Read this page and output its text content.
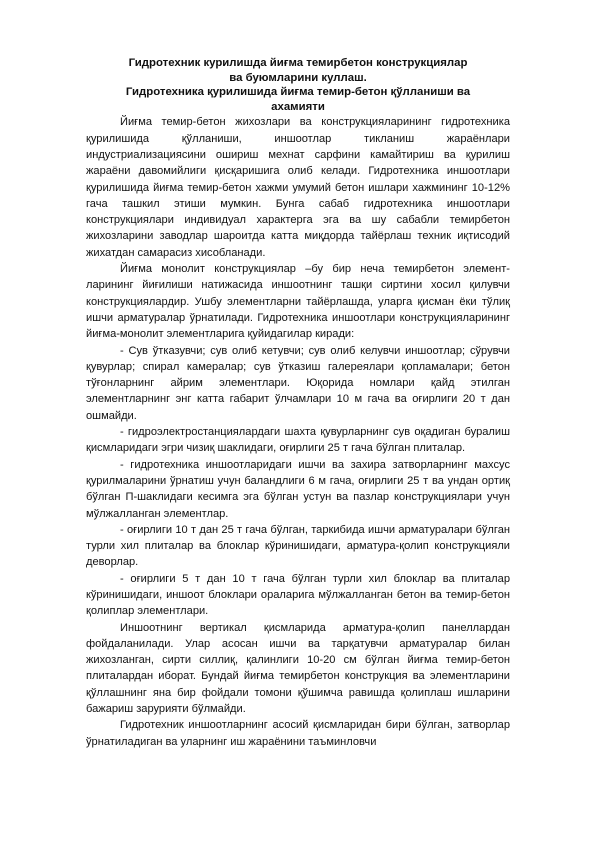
Гидротехник курилишда йиғма темирбетон конструкциялар

ва буюмларини куллаш.

Гидротехника қурилишида йиғма темир-бетон қўлланиши ва

ахамияти

Йиғма темир-бетон жихозлари ва конструкцияларининг гидротехника қурилишида қўлланиши, иншоотлар тикланиш жараёнлари индустриализациясини ошириш мехнат сарфини камайтириш ва қурилиш жараёни давомийлиги қисқаришига олиб келади. Гидротехника иншоотлари қурилишида йиғма темир-бетон хажми умумий бетон ишлари хажмининг 10-12% гача ташкил этиши мумкин. Бунга сабаб гидротехника иншоотлари конструкциялари индивидуал характерга эга ва шу сабабли темирбетон жихозларини заводлар шароитда катта миқдорда тайёрлаш техник иқтисодий жихатдан самарасиз хисобланади.

Йиғма монолит конструкциялар –бу бир неча темирбетон элемент-ларининг йиғилиши натижасида иншоотнинг ташқи сиртини хосил қилувчи конструкциялардир. Ушбу элементларни тайёрлашда, уларга қисман ёки тўлиқ ишчи арматуралар ўрнатилади. Гидротехника иншоотлари конструкцияларининг йиғма-монолит элементларига қуйидагилар киради:

- Сув ўтказувчи; сув олиб кетувчи; сув олиб келувчи иншоотлар; сўрувчи қувурлар; спирал камералар; сув ўтказиш галереялари қопламалари; бетон тўғонларнинг айрим элементлари. Юқорида номлари қайд этилган элементларнинг энг катта габарит ўлчамлари 10 м гача ва оғирлиги 20 т дан ошмайди.

- гидроэлектростанциялардаги шахта қувурларнинг сув оқадиган буралиш қисмларидаги эгри чизиқ шаклидаги, оғирлиги 25 т гача бўлган плиталар.

- гидротехника иншоотларидаги ишчи ва захира затворларнинг махсус қурилмаларини ўрнатиш учун баландлиги 6 м гача, оғирлиги 25 т ва ундан ортиқ бўлган П-шаклидаги кесимга эга бўлган устун ва пазлар конструкциялари учун мўлжалланган элементлар.

- оғирлиги 10 т дан 25 т гача бўлган, таркибида ишчи арматуралари бўлган турли хил плиталар ва блоклар кўринишидаги, арматура-қолип конструкцияли деворлар.

- оғирлиги 5 т дан 10 т гача бўлган турли хил блоклар ва плиталар кўринишидаги, иншоот блоклари ораларига мўлжалланган бетон ва темир-бетон қолиплар элементлари.

Иншоотнинг вертикал қисмларида арматура-қолип панеллардан фойдаланилади. Улар асосан ишчи ва тарқатувчи арматуралар билан жихозланган, сирти силлиқ, қалинлиги 10-20 см бўлган йиғма темир-бетон плиталардан иборат. Бундай йиғма темирбетон конструкция ва элементларини қўллашнинг яна бир фойдали томони қўшимча равишда қолиплаш ишларини бажариш зарурияти бўлмайди.

Гидротехник иншоотларнинг асосий қисмларидан бири бўлган, затворлар ўрнатиладиган ва уларнинг иш жараёнини таъминловчи
